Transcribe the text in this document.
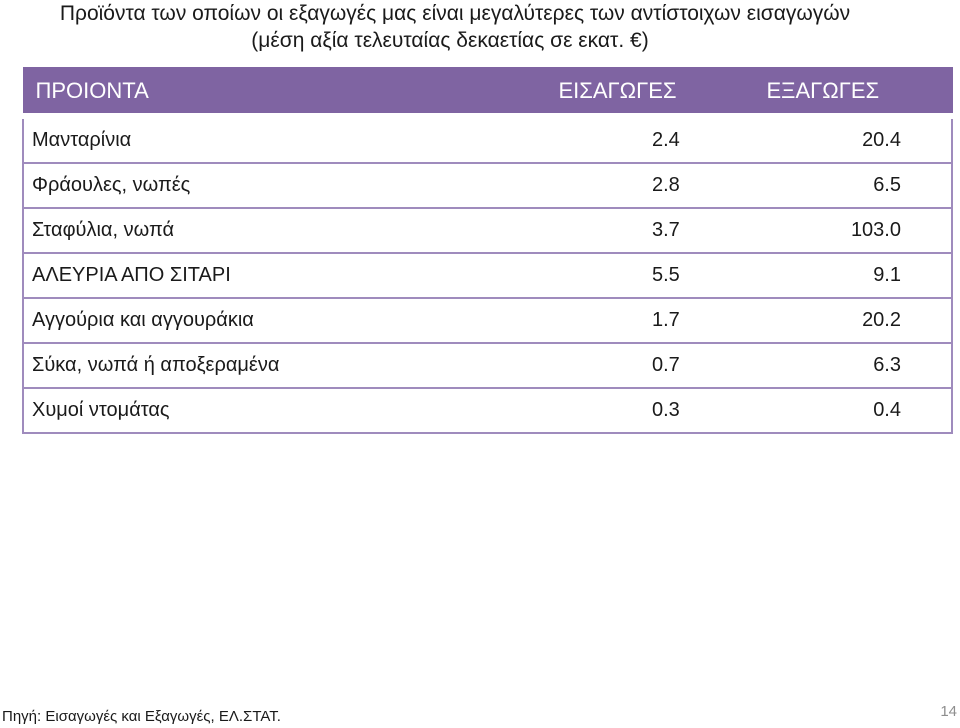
Προϊόντα των οποίων οι εξαγωγές μας είναι μεγαλύτερες των αντίστοιχων εισαγωγών
(μέση αξία τελευταίας δεκαετίας σε εκατ. €)
ΠΡΟΙΟΝΤΑ	ΕΙΣΑΓΩΓΕΣ	ΕΞΑΓΩΓΕΣ
Μανταρίνια	2.4	20.4
Φράουλες, νωπές	2.8	6.5
Σταφύλια, νωπά	3.7	103.0
ΑΛΕΥΡΙΑ ΑΠΟ ΣΙΤΑΡΙ	5.5	9.1
Αγγούρια και αγγουράκια	1.7	20.2
Σύκα, νωπά ή αποξεραμένα	0.7	6.3
Χυμοί ντομάτας	0.3	0.4
Πηγή: Εισαγωγές και Εξαγωγές, ΕΛ.ΣΤΑΤ.	14
